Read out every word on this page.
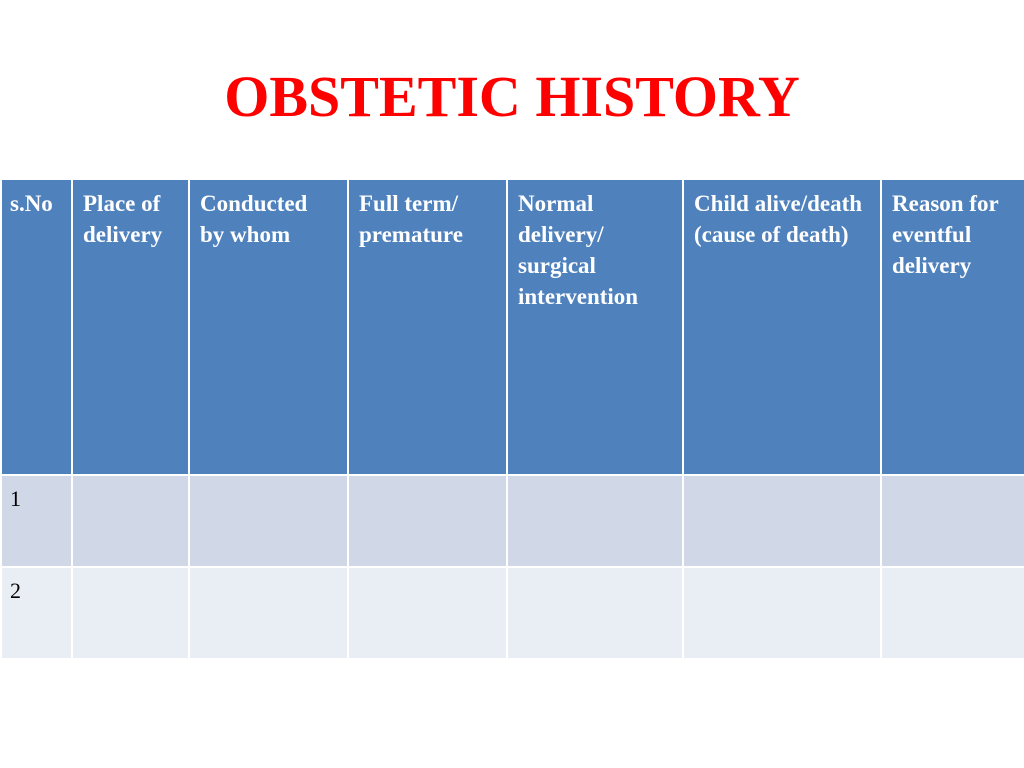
OBSTETIC HISTORY
s.No	Place of delivery	Conducted by whom	Full term/ premature	Normal delivery/ surgical intervention	Child alive/death (cause of death)	Reason for eventful delivery
1						
2						
